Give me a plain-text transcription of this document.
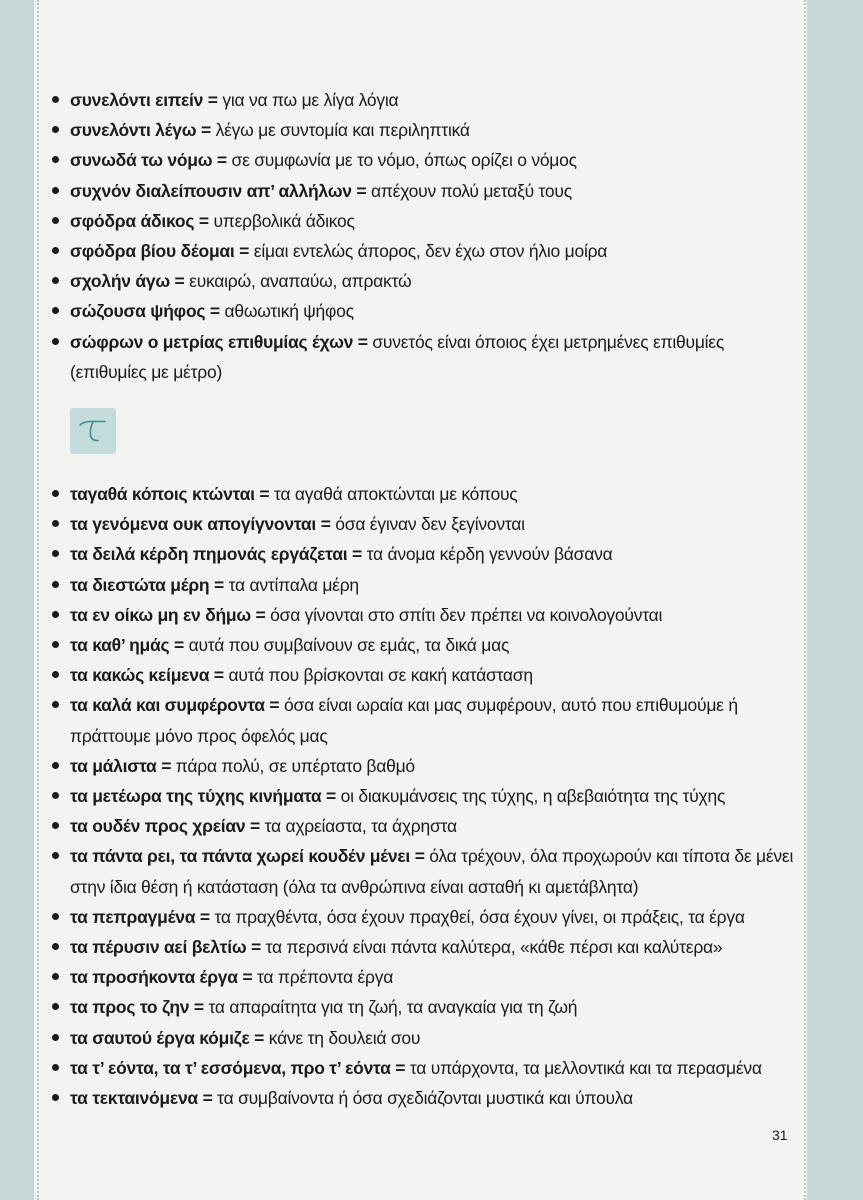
συνελόντι ειπείν = για να πω με λίγα λόγια
συνελόντι λέγω = λέγω με συντομία και περιληπτικά
συνωδά τω νόμω = σε συμφωνία με το νόμο, όπως ορίζει ο νόμος
συχνόν διαλείπουσιν απ’ αλλήλων = απέχουν πολύ μεταξύ τους
σφόδρα άδικος = υπερβολικά άδικος
σφόδρα βίου δέομαι = είμαι εντελώς άπορος, δεν έχω στον ήλιο μοίρα
σχολήν άγω = ευκαιρώ, αναπαύω, απρακτώ
σώζουσα ψήφος = αθωωτική ψήφος
σώφρων ο μετρίας επιθυμίας έχων = συνετός είναι όποιος έχει μετρημένες επιθυμίες (επιθυμίες με μέτρο)
ταγαθά κόποις κτώνται = τα αγαθά αποκτώνται με κόπους
τα γενόμενα ουκ απογίγνονται = όσα έγιναν δεν ξεγίνονται
τα δειλά κέρδη πημονάς εργάζεται = τα άνομα κέρδη γεννούν βάσανα
τα διεστώτα μέρη = τα αντίπαλα μέρη
τα εν οίκω μη εν δήμω = όσα γίνονται στο σπίτι δεν πρέπει να κοινολογούνται
τα καθ’ ημάς = αυτά που συμβαίνουν σε εμάς, τα δικά μας
τα κακώς κείμενα = αυτά που βρίσκονται σε κακή κατάσταση
τα καλά και συμφέροντα = όσα είναι ωραία και μας συμφέρουν, αυτό που επιθυμούμε ή πράττουμε μόνο προς όφελός μας
τα μάλιστα = πάρα πολύ, σε υπέρτατο βαθμό
τα μετέωρα της τύχης κινήματα = οι διακυμάνσεις της τύχης, η αβεβαιότητα της τύχης
τα ουδέν προς χρείαν = τα αχρείαστα, τα άχρηστα
τα πάντα ρει, τα πάντα χωρεί κουδέν μένει = όλα τρέχουν, όλα προχωρούν και τίποτα δε μένει στην ίδια θέση ή κατάσταση (όλα τα ανθρώπινα είναι ασταθή κι αμετάβλητα)
τα πεπραγμένα = τα πραχθέντα, όσα έχουν πραχθεί, όσα έχουν γίνει, οι πράξεις, τα έργα
τα πέρυσιν αεί βελτίω = τα περσινά είναι πάντα καλύτερα, «κάθε πέρσι και καλύτερα»
τα προσήκοντα έργα = τα πρέποντα έργα
τα προς το ζην = τα απαραίτητα για τη ζωή, τα αναγκαία για τη ζωή
τα σαυτού έργα κόμιζε = κάνε τη δουλειά σου
τα τ’ εόντα, τα τ’ εσσόμενα, προ τ’ εόντα = τα υπάρχοντα, τα μελλοντικά και τα περασμένα
τα τεκταινόμενα = τα συμβαίνοντα ή όσα σχεδιάζονται μυστικά και ύπουλα
31
